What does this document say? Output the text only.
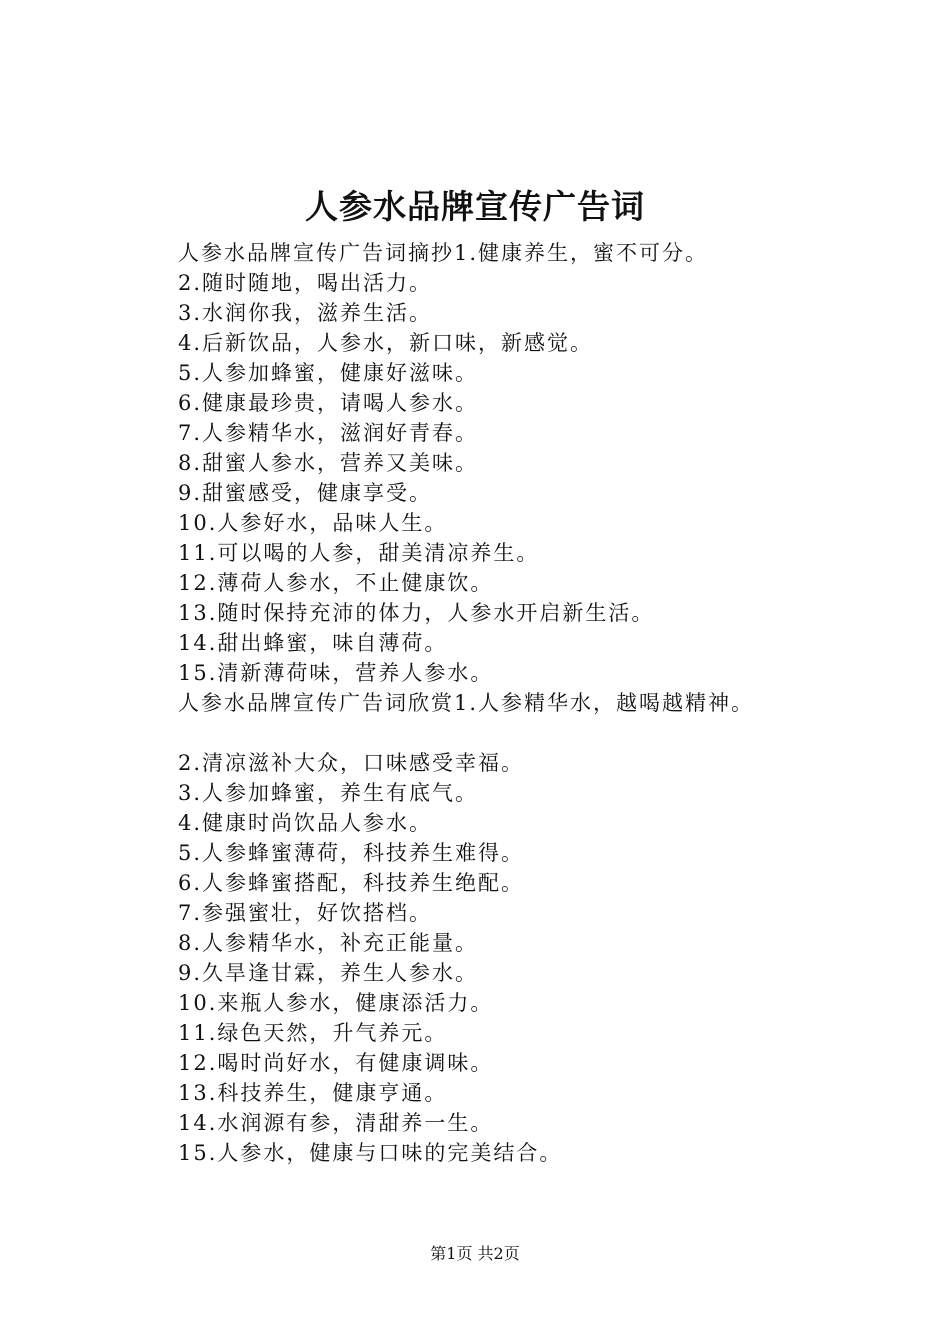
人参水品牌宣传广告词
人参水品牌宣传广告词摘抄1.健康养生，蜜不可分。
2.随时随地，喝出活力。
3.水润你我，滋养生活。
4.后新饮品，人参水，新口味，新感觉。
5.人参加蜂蜜，健康好滋味。
6.健康最珍贵，请喝人参水。
7.人参精华水，滋润好青春。
8.甜蜜人参水，营养又美味。
9.甜蜜感受，健康享受。
10.人参好水，品味人生。
11.可以喝的人参，甜美清凉养生。
12.薄荷人参水，不止健康饮。
13.随时保持充沛的体力，人参水开启新生活。
14.甜出蜂蜜，味自薄荷。
15.清新薄荷味，营养人参水。
人参水品牌宣传广告词欣赏1.人参精华水，越喝越精神。
2.清凉滋补大众，口味感受幸福。
3.人参加蜂蜜，养生有底气。
4.健康时尚饮品人参水。
5.人参蜂蜜薄荷，科技养生难得。
6.人参蜂蜜搭配，科技养生绝配。
7.参强蜜壮，好饮搭档。
8.人参精华水，补充正能量。
9.久旱逢甘霖，养生人参水。
10.来瓶人参水，健康添活力。
11.绿色天然，升气养元。
12.喝时尚好水，有健康调味。
13.科技养生，健康亨通。
14.水润源有参，清甜养一生。
15.人参水，健康与口味的完美结合。
第1页 共2页
